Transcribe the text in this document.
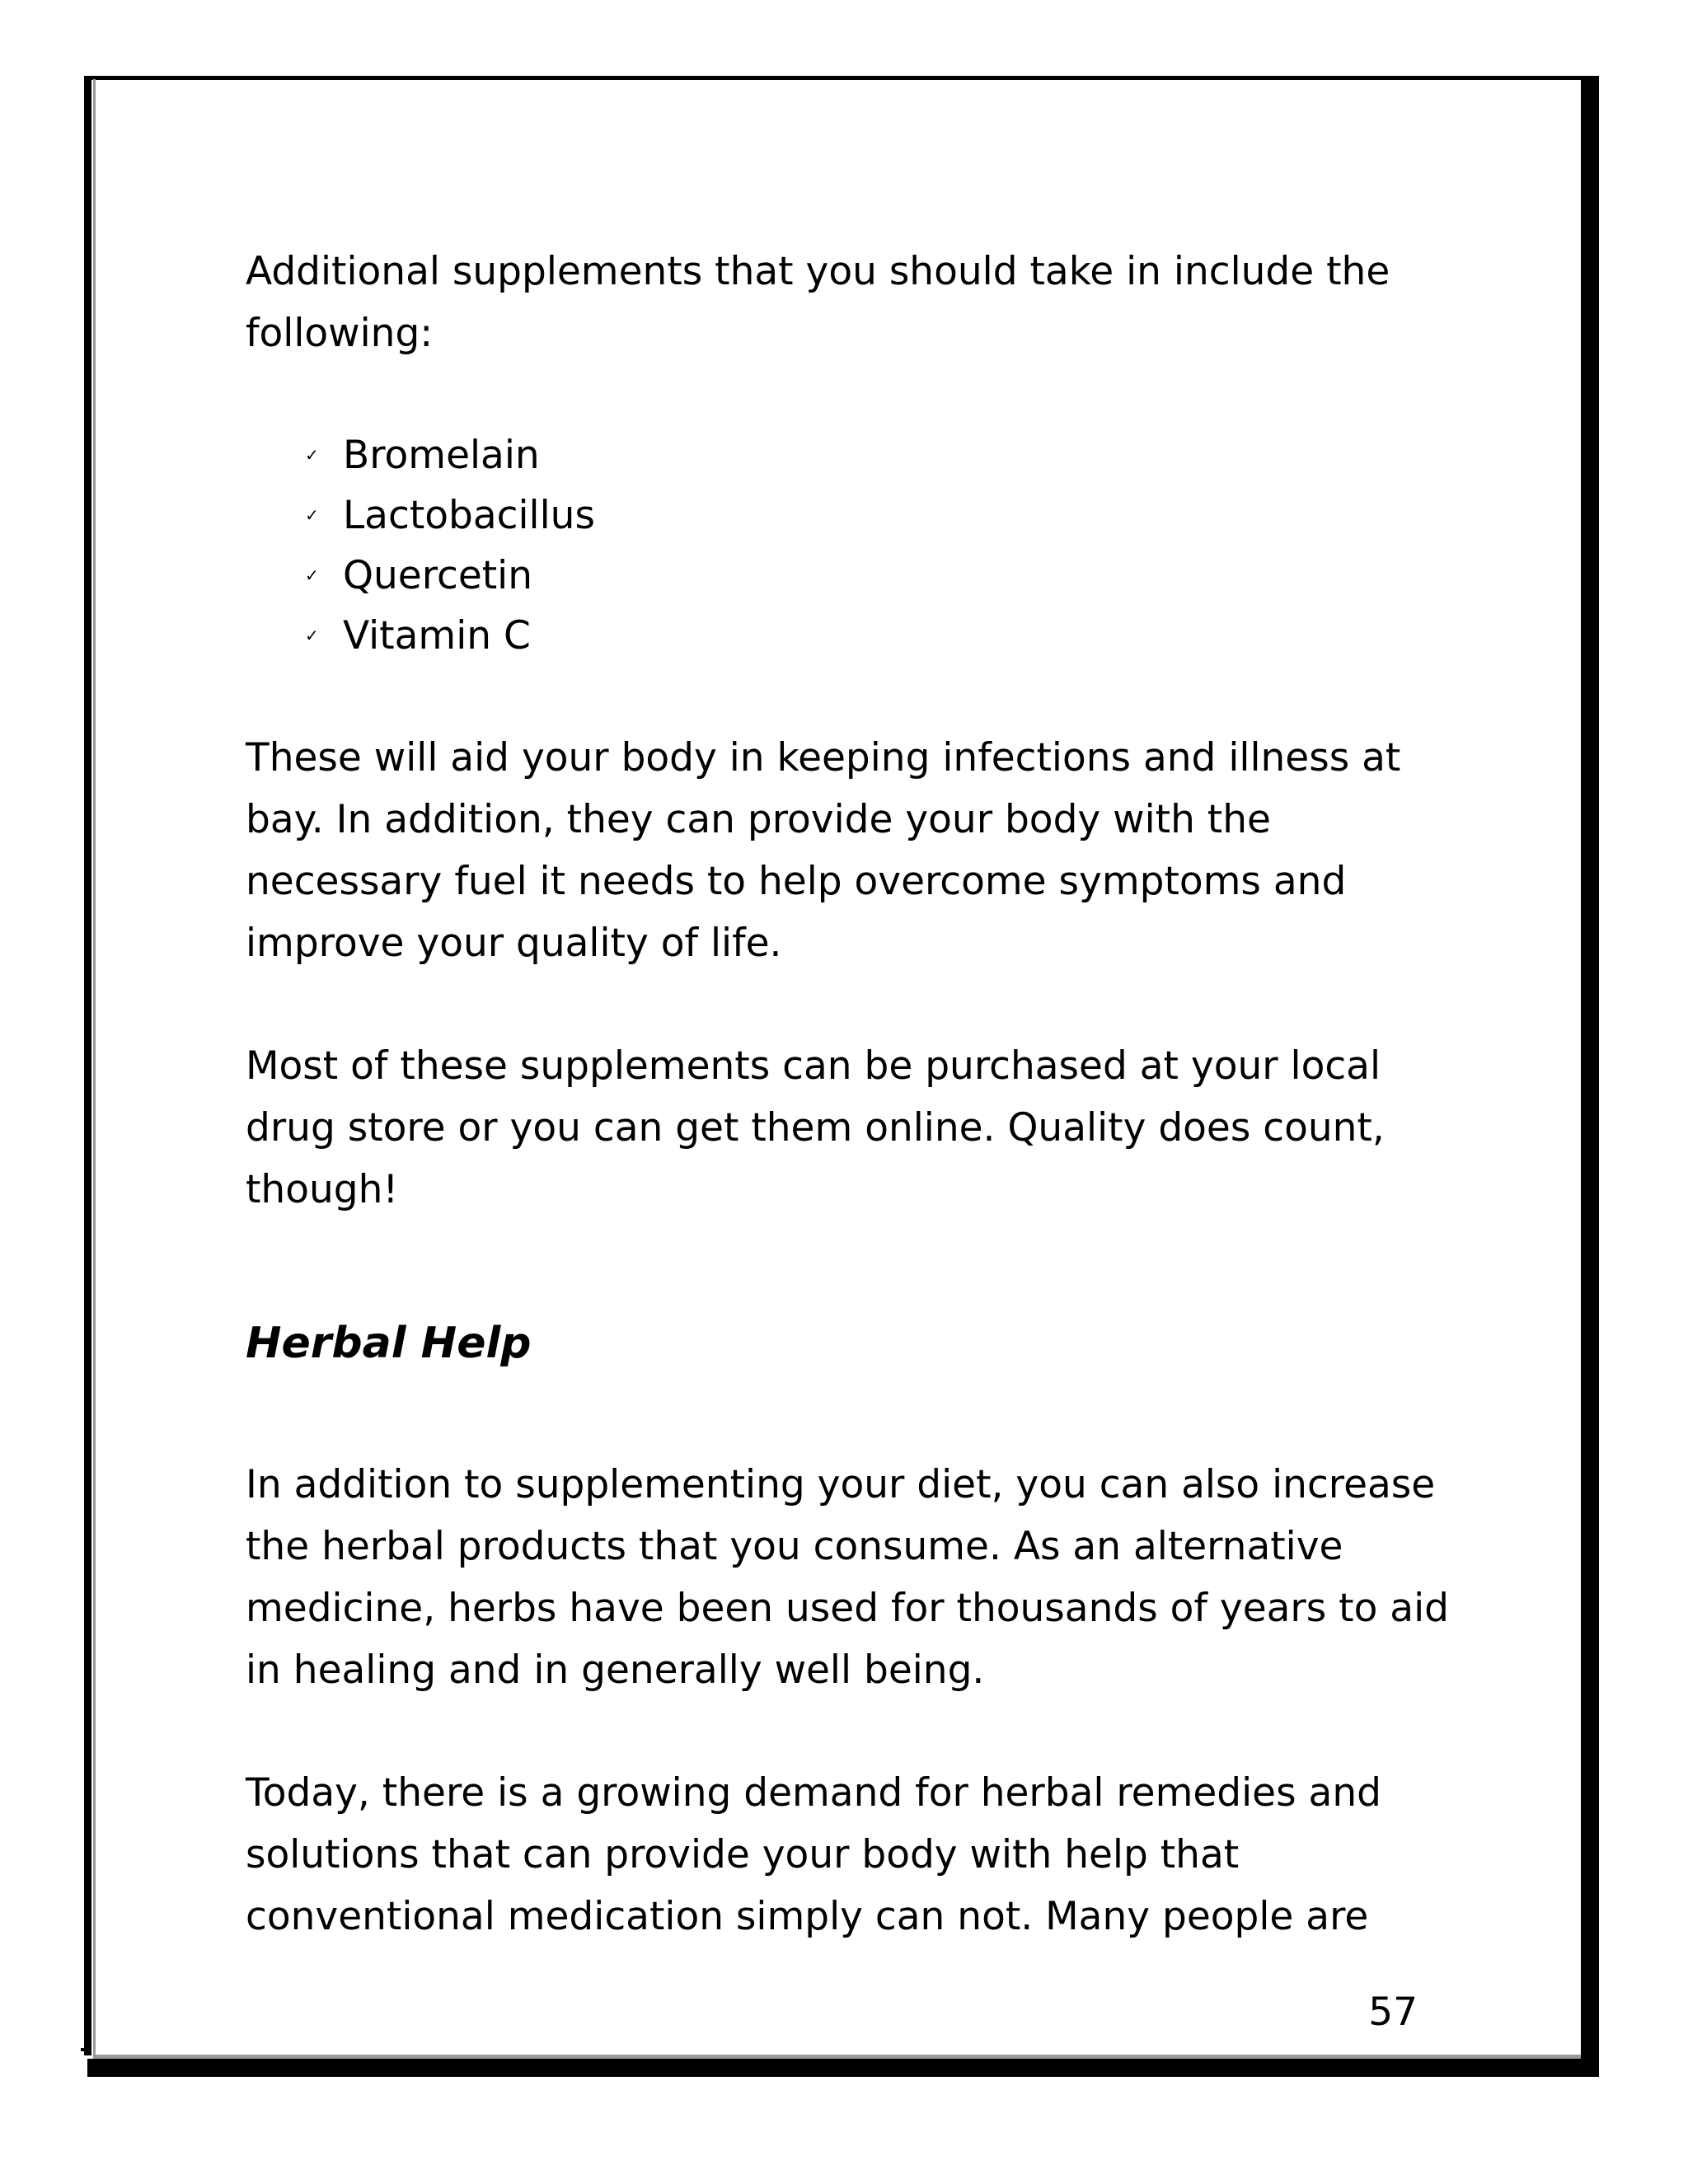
Additional supplements that you should take in include the following:

✓ Bromelain
✓ Lactobacillus
✓ Quercetin
✓ Vitamin C

These will aid your body in keeping infections and illness at bay. In addition, they can provide your body with the necessary fuel it needs to help overcome symptoms and improve your quality of life.

Most of these supplements can be purchased at your local drug store or you can get them online. Quality does count, though!

Herbal Help

In addition to supplementing your diet, you can also increase the herbal products that you consume. As an alternative medicine, herbs have been used for thousands of years to aid in healing and in generally well being.

Today, there is a growing demand for herbal remedies and solutions that can provide your body with help that conventional medication simply can not. Many people are

57
